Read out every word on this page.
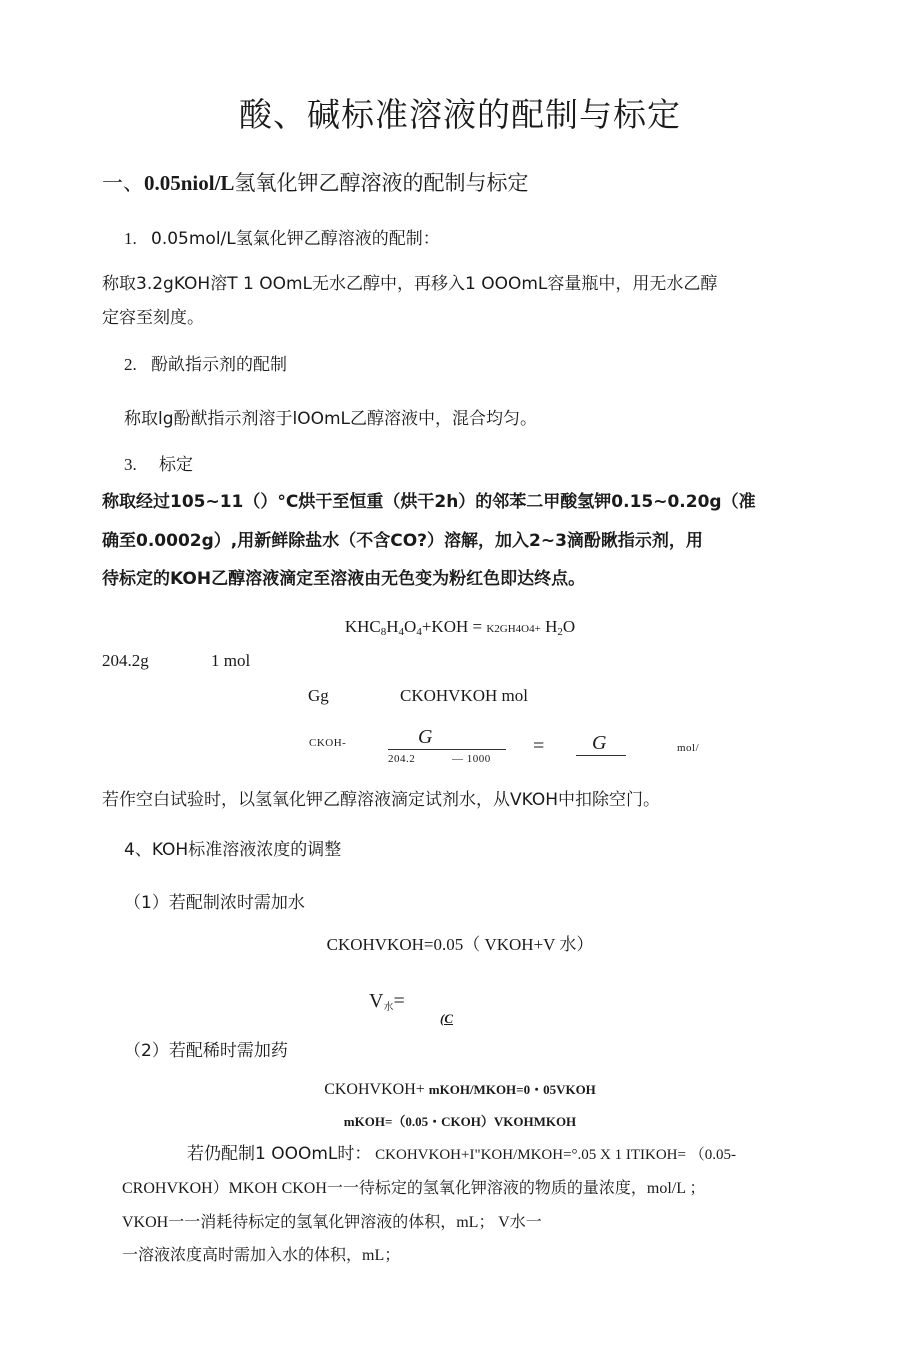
酸、碱标准溶液的配制与标定
一、0.05niol/L氢氧化钾乙醇溶液的配制与标定
1. 0.05mol/L氢氣化钾乙醇溶液的配制：
称取3.2gKOH溶T 1 OOmL无水乙醇中，再移入1 OOOmL容量瓶中，用无水乙醇
定容至刻度。
2. 酚畝指示剂的配制
称取lg酚猷指示剂溶于lOOmL乙醇溶液中，混合均匀。
3. 标定
称取经过105~11（）°C烘干至恒重（烘干2h）的邻苯二甲酸氢钾0.15~0.20g（准
确至0.0002g）,用新鲜除盐水（不含CO?）溶解，加入2~3滴酚瞅指示剂，用
待标定的KOH乙醇溶液滴定至溶液由无色变为粉红色即达终点。
$KHC_8H_4O_4+KOH = K2GH4O4+ H_2O$
204.2g	1 mol
Gg	CKOHVKOH mol
CKOH-	G
204.2	— 1000
= G	mol/
若作空白试验时，以氢氧化钾乙醇溶液滴定试剂水，从VKOH中扣除空门。
4、KOH标准溶液浓度的调整
（1）若配制浓时需加水
CKOHVKOH=0.05（ VKOH+V 水）
$V_水=$
(C
（2）若配稀时需加药
CKOHVKOH+ mKOH/MKOH=0・05VKOH
mKOH=（0.05・CKOH）VKOHMKOH
若仍配制1 OOOmL时： CKOHVKOH+I"KOH/MKOH=°.05 X 1 ITIKOH= （0.05-
CROHVKOH）MKOH CKOH一一待标定的氢氧化钾溶液的物质的量浓度，mol/L ；
VKOH一一消耗待标定的氢氧化钾溶液的体积，mL； V水一
一溶液浓度高时需加入水的体积，mL；
